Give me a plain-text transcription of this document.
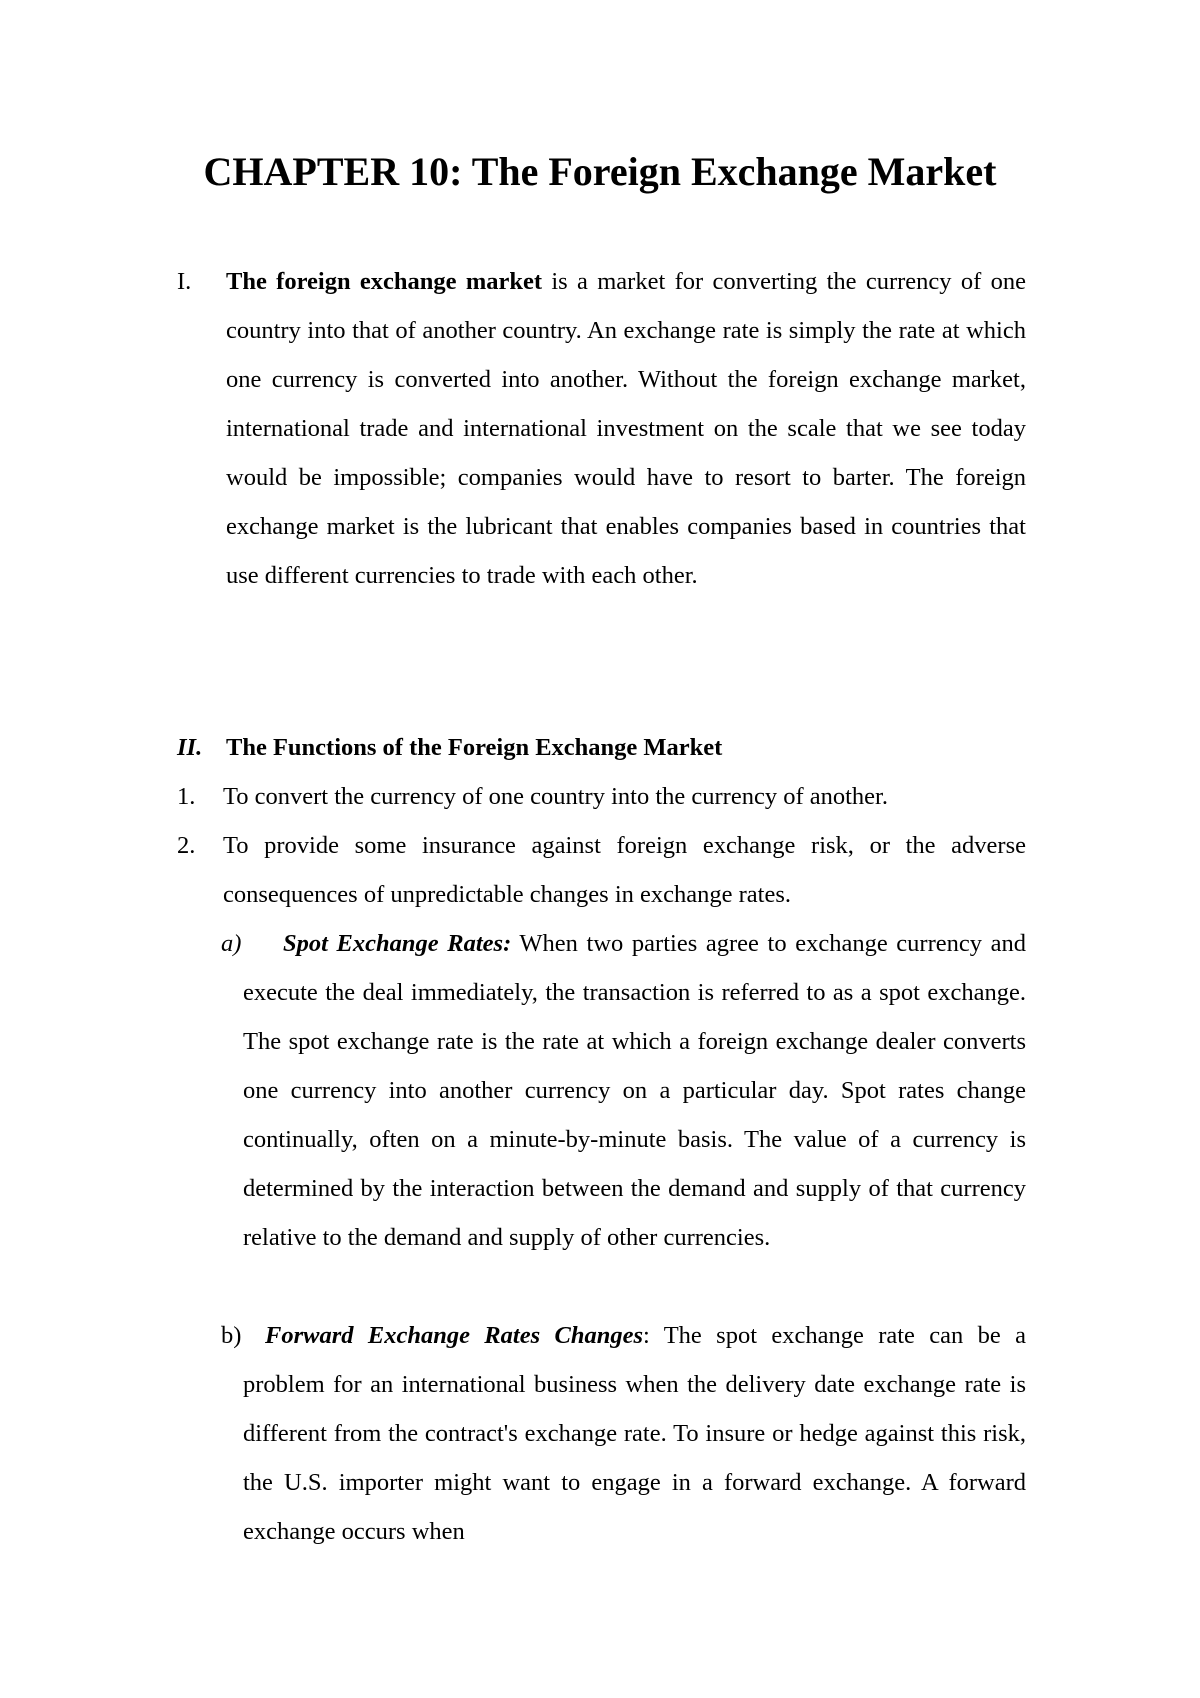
CHAPTER 10: The Foreign Exchange Market
I. The foreign exchange market is a market for converting the currency of one country into that of another country. An exchange rate is simply the rate at which one currency is converted into another. Without the foreign exchange market, international trade and international investment on the scale that we see today would be impossible; companies would have to resort to barter. The foreign exchange market is the lubricant that enables companies based in countries that use different currencies to trade with each other.

II. The Functions of the Foreign Exchange Market
1. To convert the currency of one country into the currency of another.

2. To provide some insurance against foreign exchange risk, or the adverse consequences of unpredictable changes in exchange rates.

a)	Spot Exchange Rates: When two parties agree to exchange currency and execute the deal immediately, the transaction is referred to as a spot exchange. The spot exchange rate is the rate at which a foreign exchange dealer converts one currency into another currency on a particular day. Spot rates change continually, often on a minute-by-minute basis. The value of a currency is determined by the interaction between the demand and supply of that currency relative to the demand and supply of other currencies.

b) Forward Exchange Rates Changes: The spot exchange rate can be a problem for an international business when the delivery date exchange rate is different from the contract's exchange rate. To insure or hedge against this risk, the U.S. importer might want to engage in a forward exchange. A forward exchange occurs when
